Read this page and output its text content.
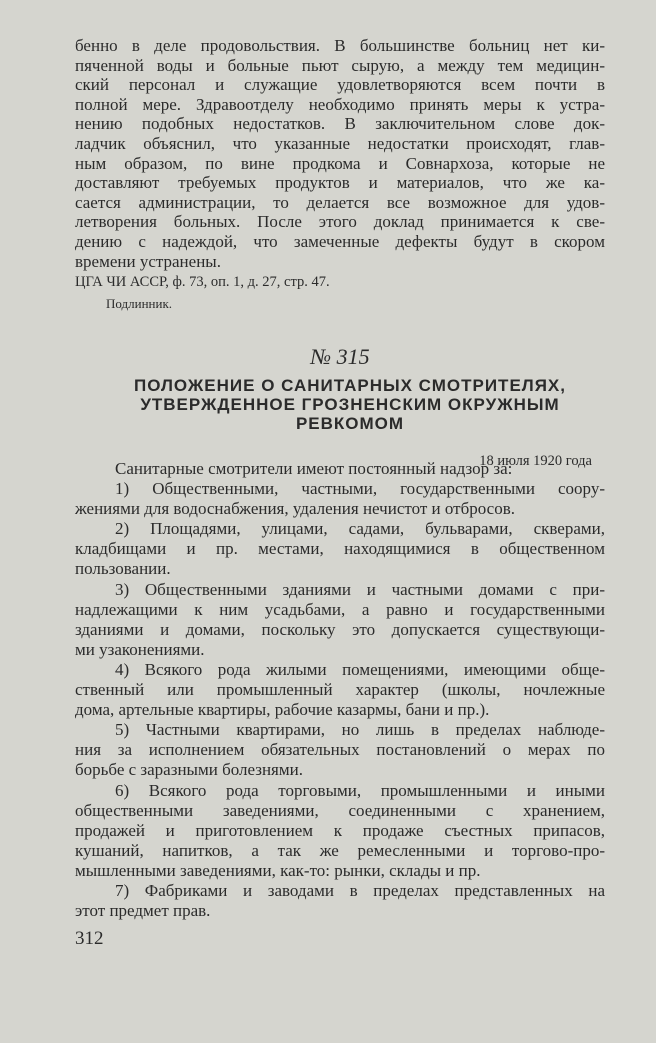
бенно в деле продовольствия. В большинстве больниц нет ки-
пяченной воды и больные пьют сырую, а между тем медицин-
ский персонал и служащие удовлетворяются всем почти в
полной мере. Здравоотделу необходимо принять меры к устра-
нению подобных недостатков. В заключительном слове док-
ладчик объяснил, что указанные недостатки происходят, глав-
ным образом, по вине продкома и Совнархоза, которые не
доставляют требуемых продуктов и материалов, что же ка-
сается администрации, то делается все возможное для удов-
летворения больных. После этого доклад принимается к све-
дению с надеждой, что замеченные дефекты будут в скором
времени устранены.
ЦГА ЧИ АССР, ф. 73, оп. 1, д. 27, стр. 47.
Подлинник.
№ 315
ПОЛОЖЕНИЕ О САНИТАРНЫХ СМОТРИТЕЛЯХ,
УТВЕРЖДЕННОЕ ГРОЗНЕНСКИМ ОКРУЖНЫМ
РЕВКОМОМ
18 июля 1920 года
Санитарные смотрители имеют постоянный надзор за:
1) Общественными, частными, государственными соору-
жениями для водоснабжения, удаления нечистот и отбросов.
2) Площадями, улицами, садами, бульварами, скверами,
кладбищами и пр. местами, находящимися в общественном
пользовании.
3) Общественными зданиями и частными домами с при-
надлежащими к ним усадьбами, а равно и государственными
зданиями и домами, поскольку это допускается существующи-
ми узаконениями.
4) Всякого рода жилыми помещениями, имеющими обще-
ственный или промышленный характер (школы, ночлежные
дома, артельные квартиры, рабочие казармы, бани и пр.).
5) Частными квартирами, но лишь в пределах наблюде-
ния за исполнением обязательных постановлений о мерах по
борьбе с заразными болезнями.
6) Всякого рода торговыми, промышленными и иными
общественными заведениями, соединенными с хранением,
продажей и приготовлением к продаже съестных припасов,
кушаний, напитков, а так же ремесленными и торгово-про-
мышленными заведениями, как-то: рынки, склады и пр.
7) Фабриками и заводами в пределах представленных на
этот предмет прав.
312
